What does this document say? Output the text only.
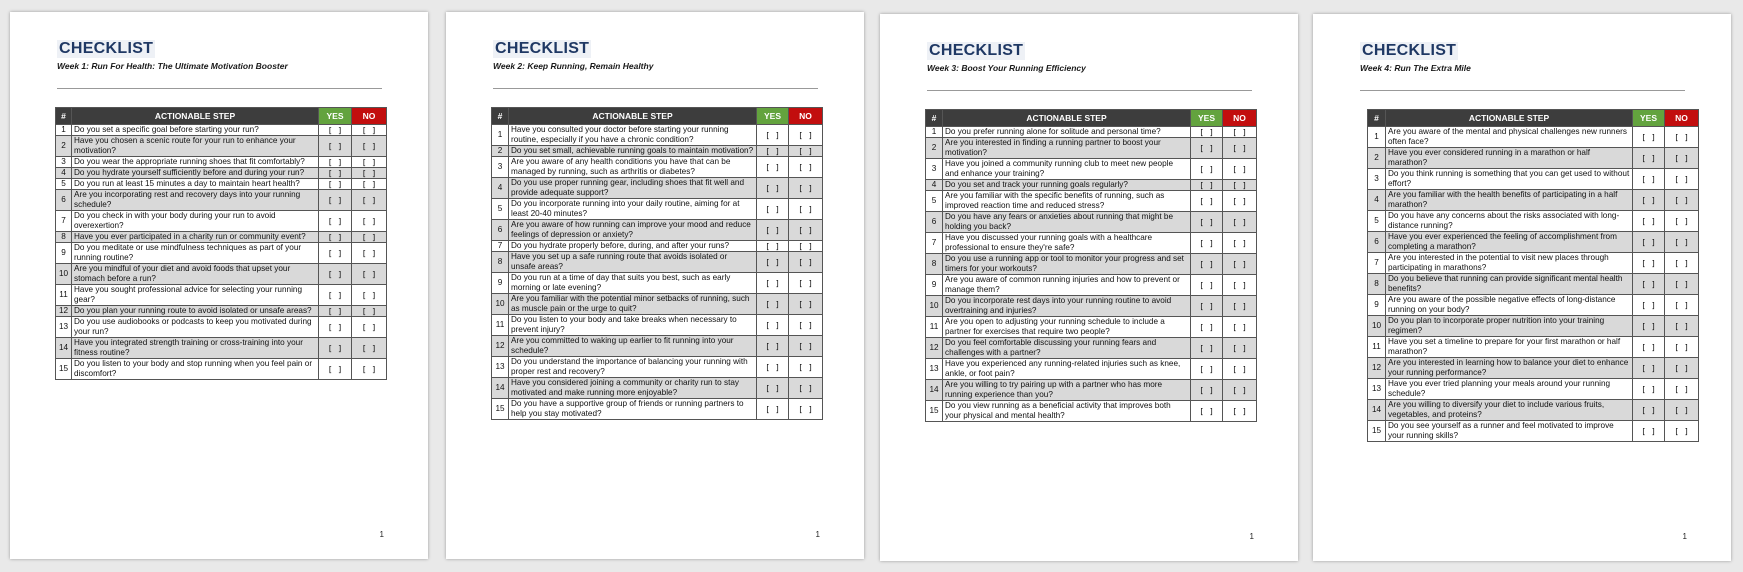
CHECKLIST
Week 1: Run For Health: The Ultimate Motivation Booster
#	ACTIONABLE STEP	YES	NO
1	Do you set a specific goal before starting your run?	[ ]	[ ]
2	Have you chosen a scenic route for your run to enhance your motivation?	[ ]	[ ]
3	Do you wear the appropriate running shoes that fit comfortably?	[ ]	[ ]
4	Do you hydrate yourself sufficiently before and during your run?	[ ]	[ ]
5	Do you run at least 15 minutes a day to maintain heart health?	[ ]	[ ]
6	Are you incorporating rest and recovery days into your running schedule?	[ ]	[ ]
7	Do you check in with your body during your run to avoid overexertion?	[ ]	[ ]
8	Have you ever participated in a charity run or community event?	[ ]	[ ]
9	Do you meditate or use mindfulness techniques as part of your running routine?	[ ]	[ ]
10	Are you mindful of your diet and avoid foods that upset your stomach before a run?	[ ]	[ ]
11	Have you sought professional advice for selecting your running gear?	[ ]	[ ]
12	Do you plan your running route to avoid isolated or unsafe areas?	[ ]	[ ]
13	Do you use audiobooks or podcasts to keep you motivated during your run?	[ ]	[ ]
14	Have you integrated strength training or cross-training into your fitness routine?	[ ]	[ ]
15	Do you listen to your body and stop running when you feel pain or discomfort?	[ ]	[ ]
1
CHECKLIST
Week 2: Keep Running, Remain Healthy
#	ACTIONABLE STEP	YES	NO
1	Have you consulted your doctor before starting your running routine, especially if you have a chronic condition?	[ ]	[ ]
2	Do you set small, achievable running goals to maintain motivation?	[ ]	[ ]
3	Are you aware of any health conditions you have that can be managed by running, such as arthritis or diabetes?	[ ]	[ ]
4	Do you use proper running gear, including shoes that fit well and provide adequate support?	[ ]	[ ]
5	Do you incorporate running into your daily routine, aiming for at least 20-40 minutes?	[ ]	[ ]
6	Are you aware of how running can improve your mood and reduce feelings of depression or anxiety?	[ ]	[ ]
7	Do you hydrate properly before, during, and after your runs?	[ ]	[ ]
8	Have you set up a safe running route that avoids isolated or unsafe areas?	[ ]	[ ]
9	Do you run at a time of day that suits you best, such as early morning or late evening?	[ ]	[ ]
10	Are you familiar with the potential minor setbacks of running, such as muscle pain or the urge to quit?	[ ]	[ ]
11	Do you listen to your body and take breaks when necessary to prevent injury?	[ ]	[ ]
12	Are you committed to waking up earlier to fit running into your schedule?	[ ]	[ ]
13	Do you understand the importance of balancing your running with proper rest and recovery?	[ ]	[ ]
14	Have you considered joining a community or charity run to stay motivated and make running more enjoyable?	[ ]	[ ]
15	Do you have a supportive group of friends or running partners to help you stay motivated?	[ ]	[ ]
1
CHECKLIST
Week 3: Boost Your Running Efficiency
#	ACTIONABLE STEP	YES	NO
1	Do you prefer running alone for solitude and personal time?	[ ]	[ ]
2	Are you interested in finding a running partner to boost your motivation?	[ ]	[ ]
3	Have you joined a community running club to meet new people and enhance your training?	[ ]	[ ]
4	Do you set and track your running goals regularly?	[ ]	[ ]
5	Are you familiar with the specific benefits of running, such as improved reaction time and reduced stress?	[ ]	[ ]
6	Do you have any fears or anxieties about running that might be holding you back?	[ ]	[ ]
7	Have you discussed your running goals with a healthcare professional to ensure they're safe?	[ ]	[ ]
8	Do you use a running app or tool to monitor your progress and set timers for your workouts?	[ ]	[ ]
9	Are you aware of common running injuries and how to prevent or manage them?	[ ]	[ ]
10	Do you incorporate rest days into your running routine to avoid overtraining and injuries?	[ ]	[ ]
11	Are you open to adjusting your running schedule to include a partner for exercises that require two people?	[ ]	[ ]
12	Do you feel comfortable discussing your running fears and challenges with a partner?	[ ]	[ ]
13	Have you experienced any running-related injuries such as knee, ankle, or foot pain?	[ ]	[ ]
14	Are you willing to try pairing up with a partner who has more running experience than you?	[ ]	[ ]
15	Do you view running as a beneficial activity that improves both your physical and mental health?	[ ]	[ ]
1
CHECKLIST
Week 4: Run The Extra Mile
#	ACTIONABLE STEP	YES	NO
1	Are you aware of the mental and physical challenges new runners often face?	[ ]	[ ]
2	Have you ever considered running in a marathon or half marathon?	[ ]	[ ]
3	Do you think running is something that you can get used to without effort?	[ ]	[ ]
4	Are you familiar with the health benefits of participating in a half marathon?	[ ]	[ ]
5	Do you have any concerns about the risks associated with long-distance running?	[ ]	[ ]
6	Have you ever experienced the feeling of accomplishment from completing a marathon?	[ ]	[ ]
7	Are you interested in the potential to visit new places through participating in marathons?	[ ]	[ ]
8	Do you believe that running can provide significant mental health benefits?	[ ]	[ ]
9	Are you aware of the possible negative effects of long-distance running on your body?	[ ]	[ ]
10	Do you plan to incorporate proper nutrition into your training regimen?	[ ]	[ ]
11	Have you set a timeline to prepare for your first marathon or half marathon?	[ ]	[ ]
12	Are you interested in learning how to balance your diet to enhance your running performance?	[ ]	[ ]
13	Have you ever tried planning your meals around your running schedule?	[ ]	[ ]
14	Are you willing to diversify your diet to include various fruits, vegetables, and proteins?	[ ]	[ ]
15	Do you see yourself as a runner and feel motivated to improve your running skills?	[ ]	[ ]
1
